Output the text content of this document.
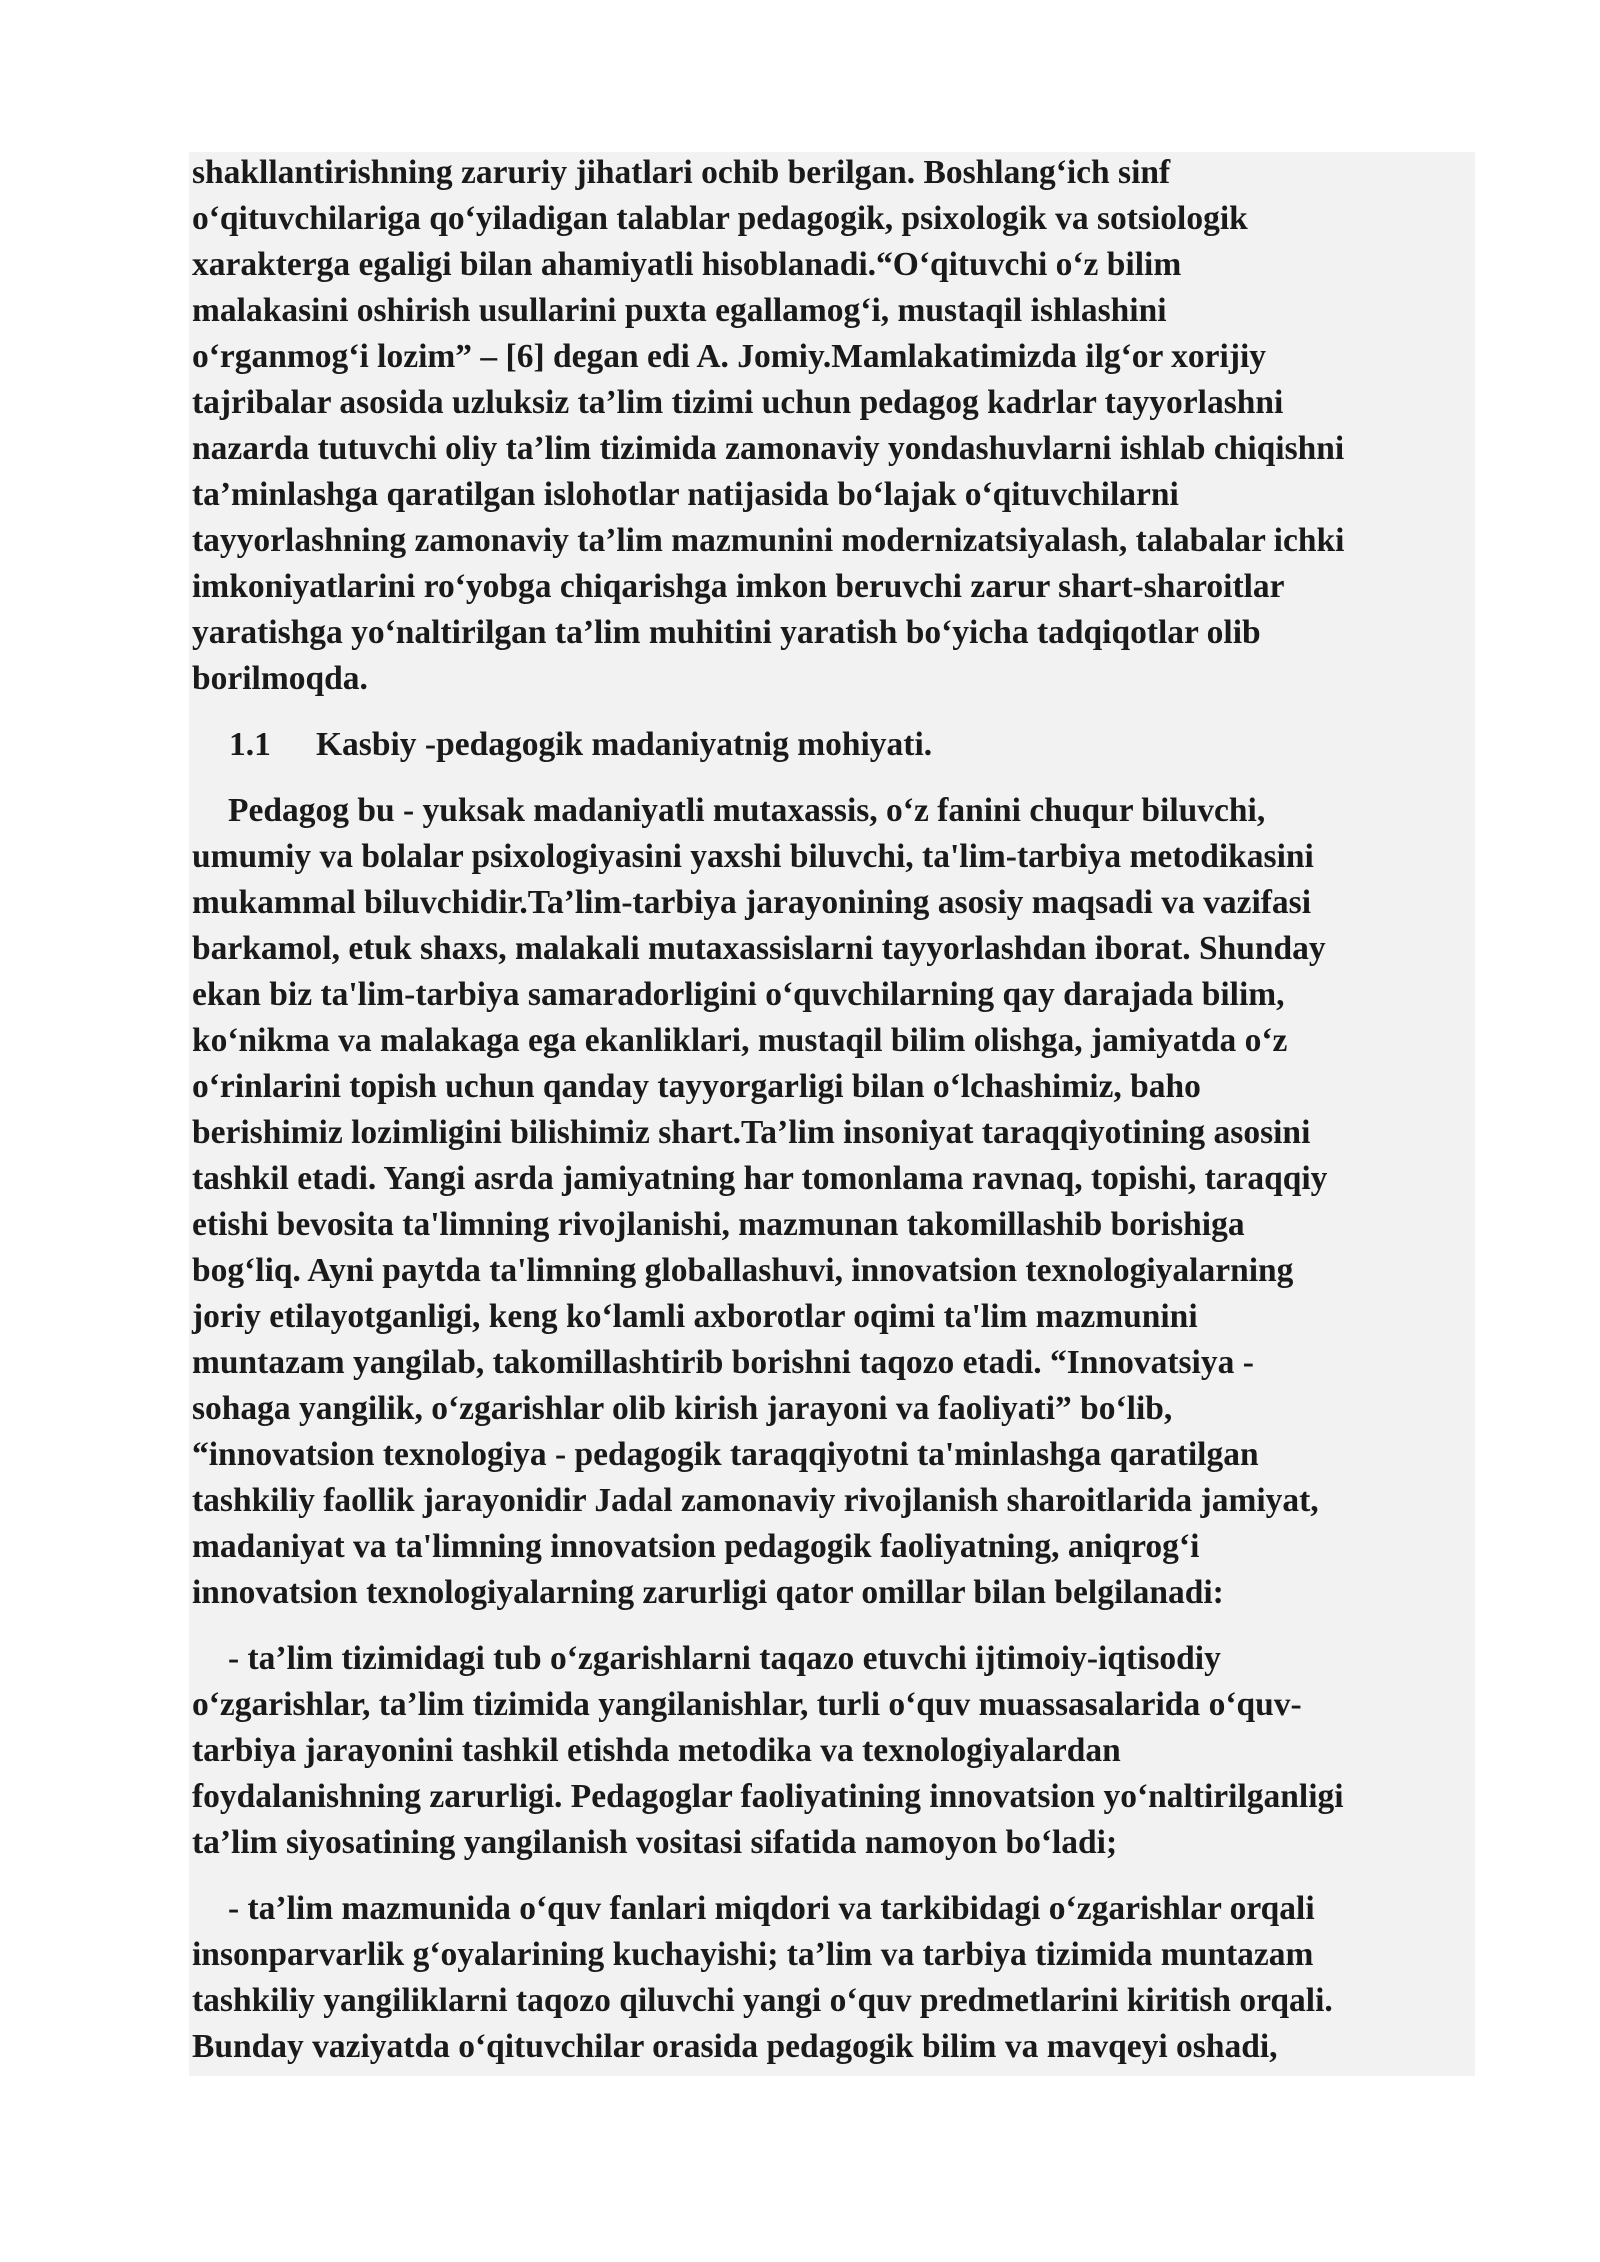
shakllantirishning zaruriy jihatlari ochib berilgan. Boshlang‘ich sinf
o‘qituvchilariga qo‘yiladigan talablar pedagogik, psixologik va sotsiologik
xarakterga egaligi bilan ahamiyatli hisoblanadi.“O‘qituvchi o‘z bilim
malakasini oshirish usullarini puxta egallamog‘i, mustaqil ishlashini
o‘rganmog‘i lozim” – [6] degan edi A. Jomiy.Mamlakatimizda ilg‘or xorijiy
tajribalar asosida uzluksiz ta’lim tizimi uchun pedagog kadrlar tayyorlashni
nazarda tutuvchi oliy ta’lim tizimida zamonaviy yondashuvlarni ishlab chiqishni
ta’minlashga qaratilgan islohotlar natijasida bo‘lajak o‘qituvchilarni
tayyorlashning zamonaviy ta’lim mazmunini modernizatsiyalash, talabalar ichki
imkoniyatlarini ro‘yobga chiqarishga imkon beruvchi zarur shart-sharoitlar
yaratishga yo‘naltirilgan ta’lim muhitini yaratish bo‘yicha tadqiqotlar olib
borilmoqda.
1.1 Kasbiy -pedagogik madaniyatnig mohiyati.
Pedagog bu - yuksak madaniyatli mutaxassis, o‘z fanini chuqur biluvchi,
umumiy va bolalar psixologiyasini yaxshi biluvchi, ta'lim-tarbiya metodikasini
mukammal biluvchidir.Ta’lim-tarbiya jarayonining asosiy maqsadi va vazifasi
barkamol, etuk shaxs, malakali mutaxassislarni tayyorlashdan iborat. Shunday
ekan biz ta'lim-tarbiya samaradorligini o‘quvchilarning qay darajada bilim,
ko‘nikma va malakaga ega ekanliklari, mustaqil bilim olishga, jamiyatda o‘z
o‘rinlarini topish uchun qanday tayyorgarligi bilan o‘lchashimiz, baho
berishimiz lozimligini bilishimiz shart.Ta’lim insoniyat taraqqiyotining asosini
tashkil etadi. Yangi asrda jamiyatning har tomonlama ravnaq, topishi, taraqqiy
etishi bevosita ta'limning rivojlanishi, mazmunan takomillashib borishiga
bog‘liq. Ayni paytda ta'limning globallashuvi, innovatsion texnologiyalarning
joriy etilayotganligi, keng ko‘lamli axborotlar oqimi ta'lim mazmunini
muntazam yangilab, takomillashtirib borishni taqozo etadi. “Innovatsiya -
sohaga yangilik, o‘zgarishlar olib kirish jarayoni va faoliyati” bo‘lib,
“innovatsion texnologiya - pedagogik taraqqiyotni ta'minlashga qaratilgan
tashkiliy faollik jarayonidir Jadal zamonaviy rivojlanish sharoitlarida jamiyat,
madaniyat va ta'limning innovatsion pedagogik faoliyatning, aniqrog‘i
innovatsion texnologiyalarning zarurligi qator omillar bilan belgilanadi:
- ta’lim tizimidagi tub o‘zgarishlarni taqazo etuvchi ijtimoiy-iqtisodiy
o‘zgarishlar, ta’lim tizimida yangilanishlar, turli o‘quv muassasalarida o‘quv-
tarbiya jarayonini tashkil etishda metodika va texnologiyalardan
foydalanishning zarurligi. Pedagoglar faoliyatining innovatsion yo‘naltirilganligi
ta’lim siyosatining yangilanish vositasi sifatida namoyon bo‘ladi;
- ta’lim mazmunida o‘quv fanlari miqdori va tarkibidagi o‘zgarishlar orqali
insonparvarlik g‘oyalarining kuchayishi; ta’lim va tarbiya tizimida muntazam
tashkiliy yangiliklarni taqozo qiluvchi yangi o‘quv predmetlarini kiritish orqali.
Bunday vaziyatda o‘qituvchilar orasida pedagogik bilim va mavqeyi oshadi,
